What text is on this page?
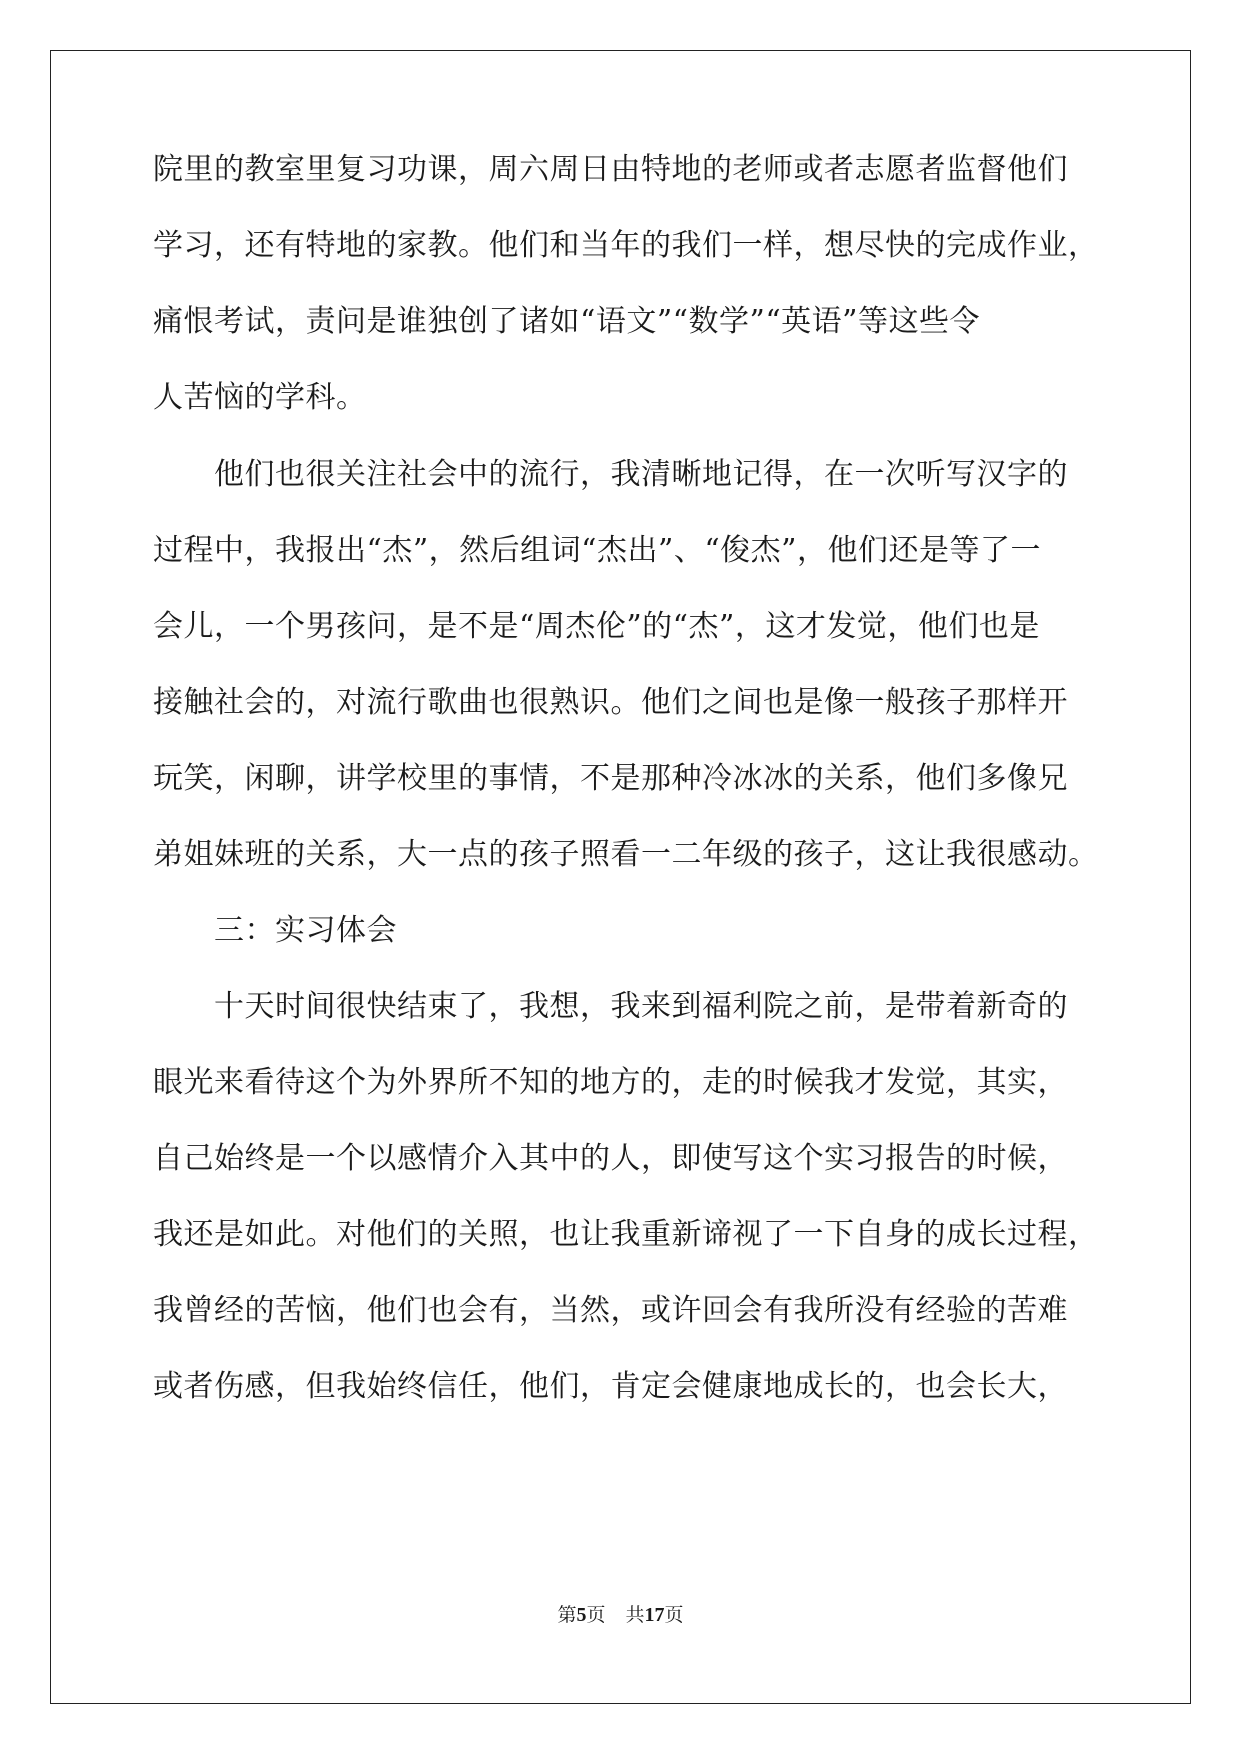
院里的教室里复习功课，周六周日由特地的老师或者志愿者监督他们
学习，还有特地的家教。他们和当年的我们一样，想尽快的完成作业，
痛恨考试，责问是谁独创了诸如“语文”“数学”“英语”等这些令
人苦恼的学科。
他们也很关注社会中的流行，我清晰地记得，在一次听写汉字的
过程中，我报出“杰”，然后组词“杰出”、“俊杰”，他们还是等了一
会儿，一个男孩问，是不是“周杰伦”的“杰”，这才发觉，他们也是
接触社会的，对流行歌曲也很熟识。他们之间也是像一般孩子那样开
玩笑，闲聊，讲学校里的事情，不是那种冷冰冰的关系，他们多像兄
弟姐妹班的关系，大一点的孩子照看一二年级的孩子，这让我很感动。
三：实习体会
十天时间很快结束了，我想，我来到福利院之前，是带着新奇的
眼光来看待这个为外界所不知的地方的，走的时候我才发觉，其实，
自己始终是一个以感情介入其中的人，即使写这个实习报告的时候，
我还是如此。对他们的关照，也让我重新谛视了一下自身的成长过程，
我曾经的苦恼，他们也会有，当然，或许回会有我所没有经验的苦难
或者伤感，但我始终信任，他们，肯定会健康地成长的，也会长大，
第5页 共17页
